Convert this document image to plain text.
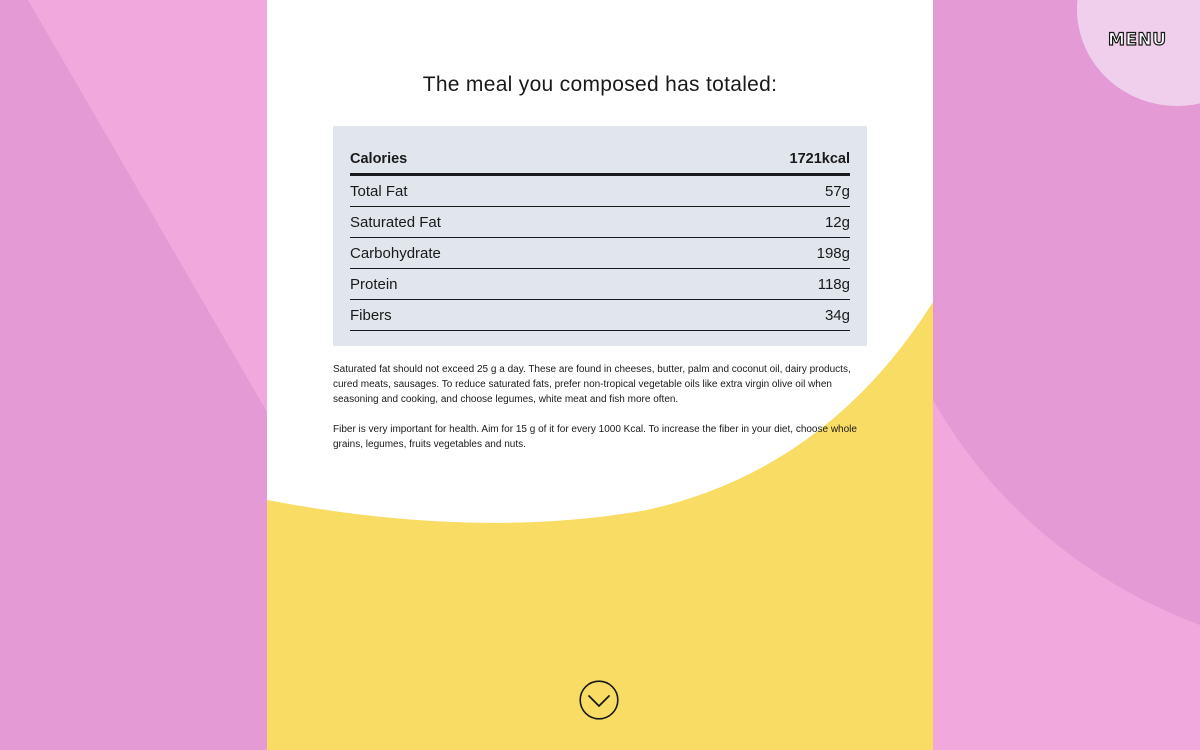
MENU
The meal you composed has totaled:
Calories	1721kcal
Total Fat	57g
Saturated Fat	12g
Carbohydrate	198g
Protein	118g
Fibers	34g

Saturated fat should not exceed 25 g a day. These are found in cheeses, butter, palm and coconut oil, dairy products, cured meats, sausages. To reduce saturated fats, prefer non-tropical vegetable oils like extra virgin olive oil when seasoning and cooking, and choose legumes, white meat and fish more often.

Fiber is very important for health. Aim for 15 g of it for every 1000 Kcal. To increase the fiber in your diet, choose whole grains, legumes, fruits vegetables and nuts.
